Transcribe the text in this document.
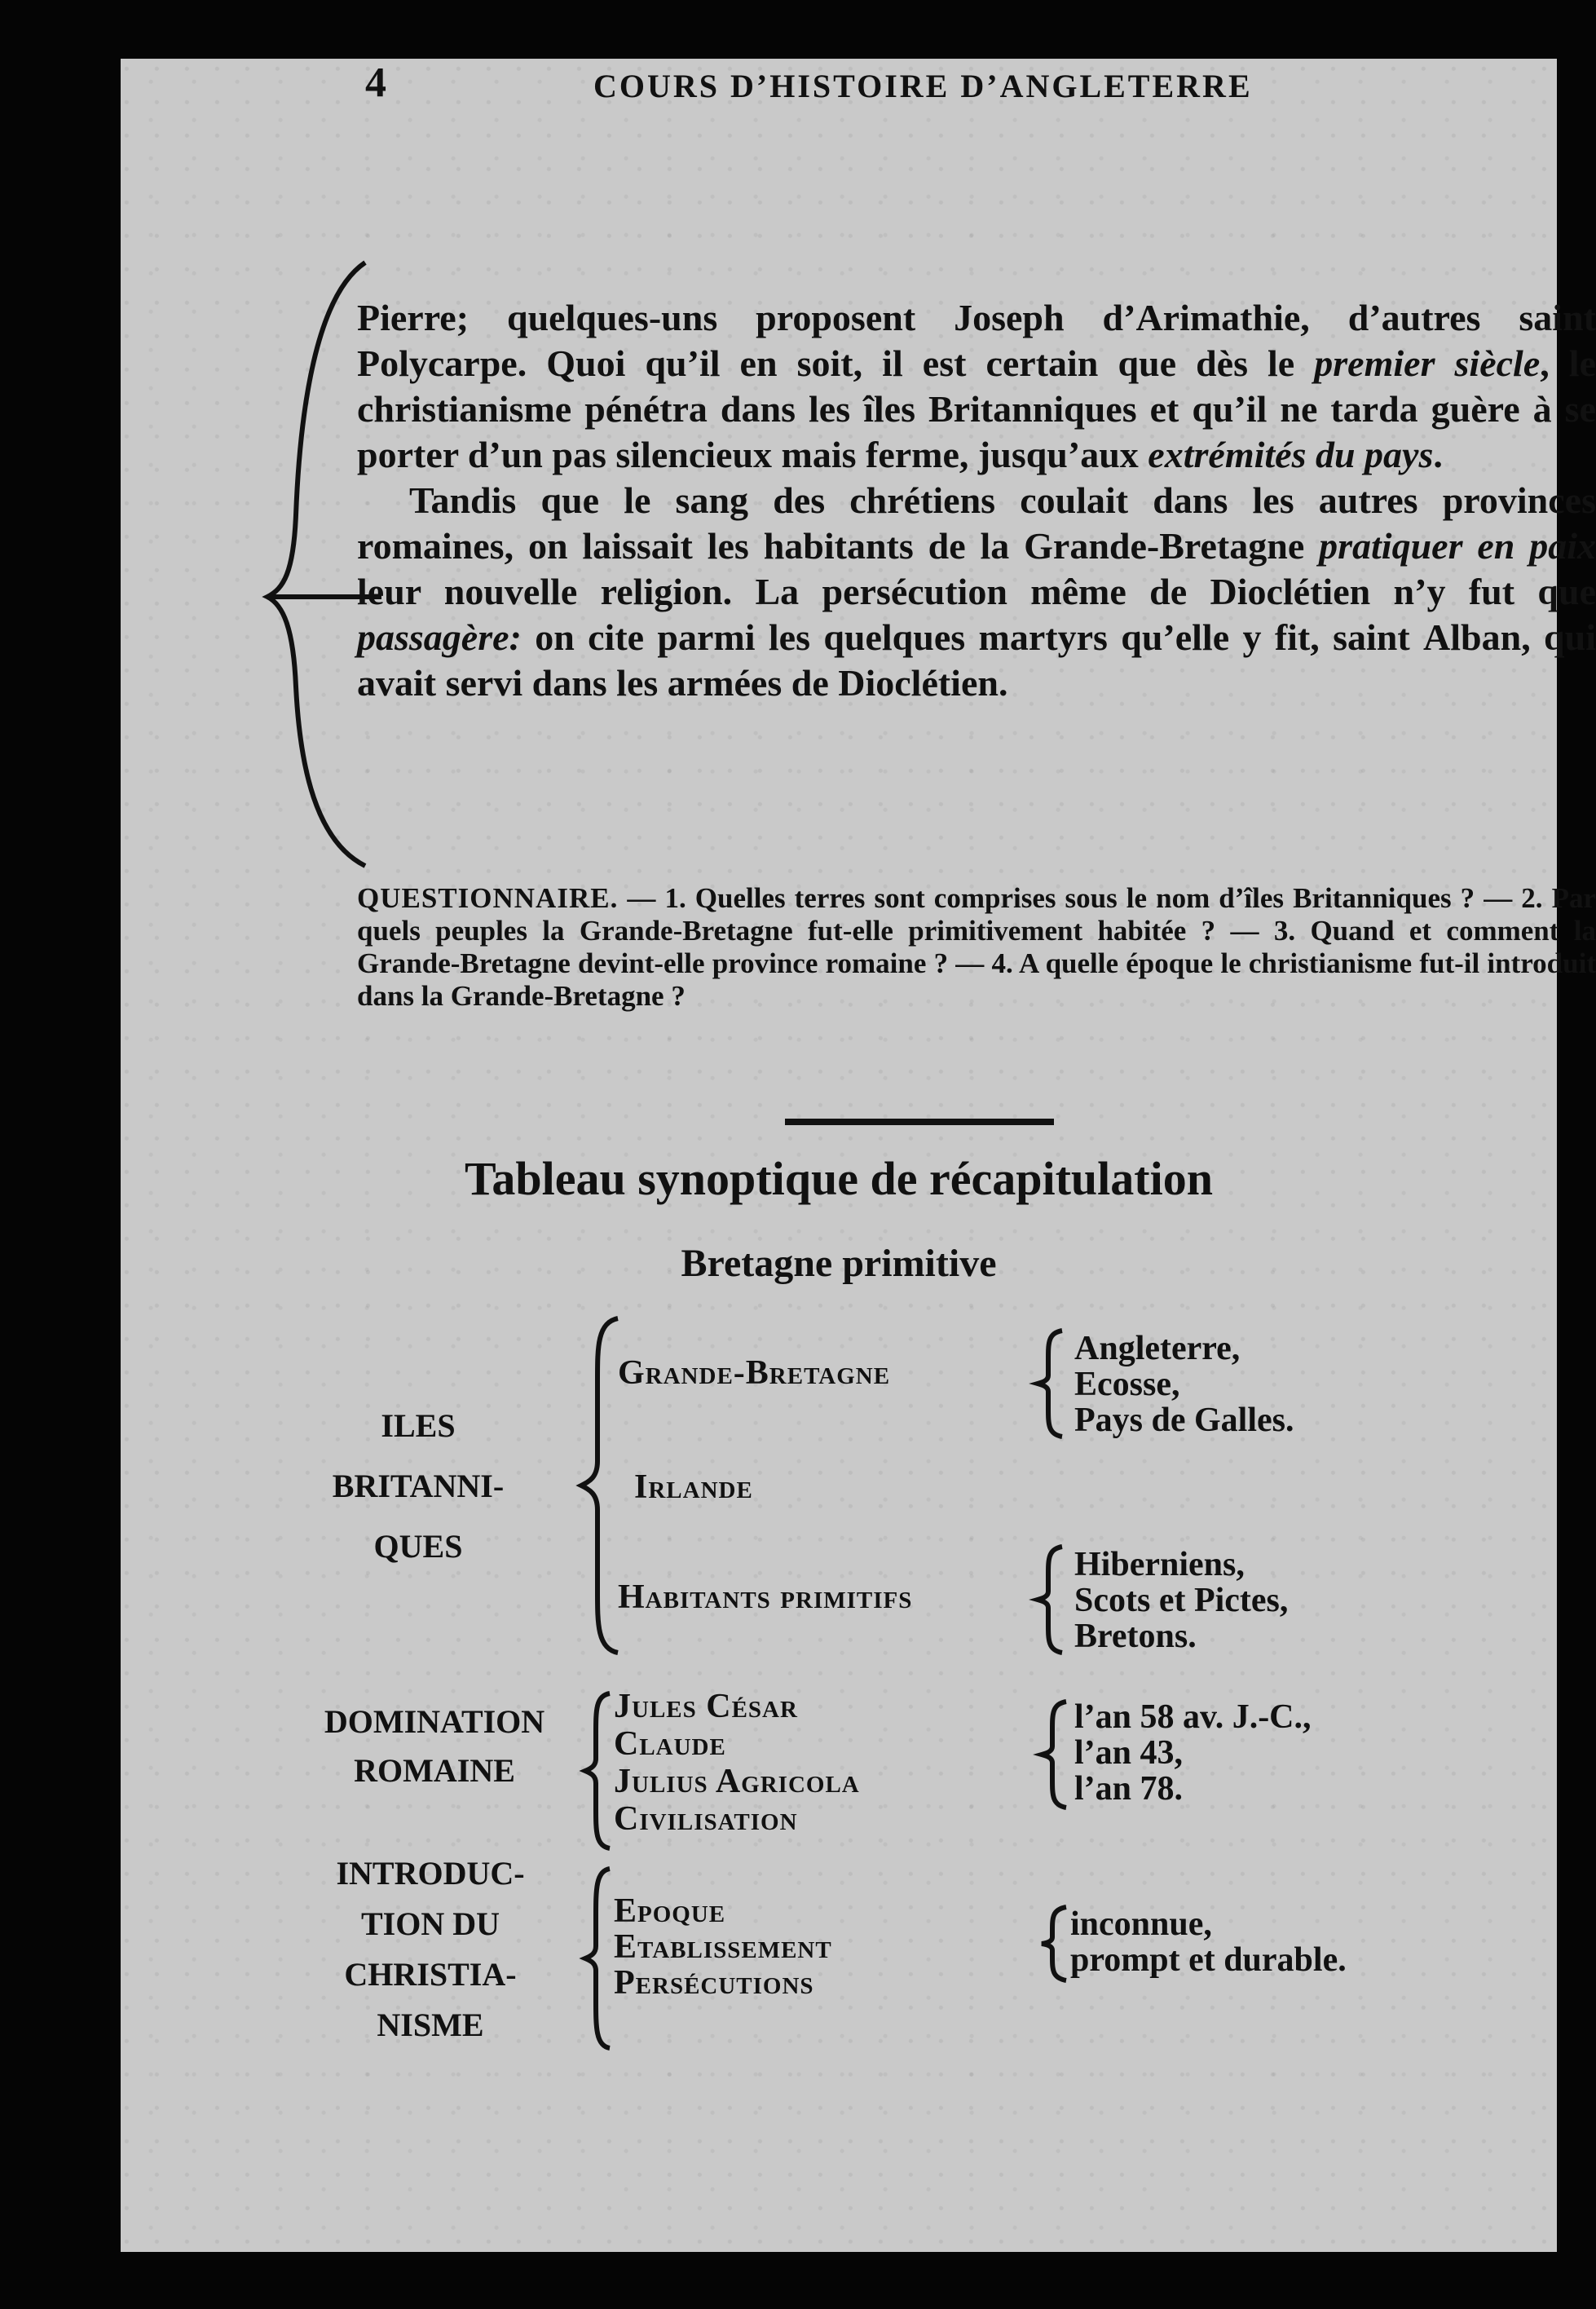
4	COURS D’HISTOIRE D’ANGLETERRE

Pierre; quelques-uns proposent Joseph d’Arimathie, d’autres saint Polycarpe. Quoi qu’il en soit, il est certain que dès le premier siècle, le christianisme pénétra dans les îles Britanniques et qu’il ne tarda guère à se porter d’un pas silencieux mais ferme, jusqu’aux extrémités du pays.

Tandis que le sang des chrétiens coulait dans les autres provinces romaines, on laissait les habitants de la Grande-Bretagne pratiquer en paix leur nouvelle religion. La persécution même de Dioclétien n’y fut que passagère: on cite parmi les quelques martyrs qu’elle y fit, saint Alban, qui avait servi dans les armées de Dioclétien.

QUESTIONNAIRE. — 1. Quelles terres sont comprises sous le nom d’îles Britanniques ? — 2. Par quels peuples la Grande-Bretagne fut-elle primitivement habitée ? — 3. Quand et comment la Grande-Bretagne devint-elle province romaine ? — 4. A quelle époque le christianisme fut-il introduit dans la Grande-Bretagne ?
Tableau synoptique de récapitulation
Bretagne primitive
ILES
BRITANNI-
QUES
Grande-Bretagne
Angleterre,
Ecosse,
Pays de Galles.
Irlande
Habitants primitifs
Hiberniens,
Scots et Pictes,
Bretons.
DOMINATION
ROMAINE
Jules César
Claude
Julius Agricola
Civilisation
l’an 58 av. J.-C.,
l’an 43,
l’an 78.
INTRODUC-
TION DU
CHRISTIA-
NISME
Epoque
Etablissement
Persécutions
inconnue,
prompt et durable.
